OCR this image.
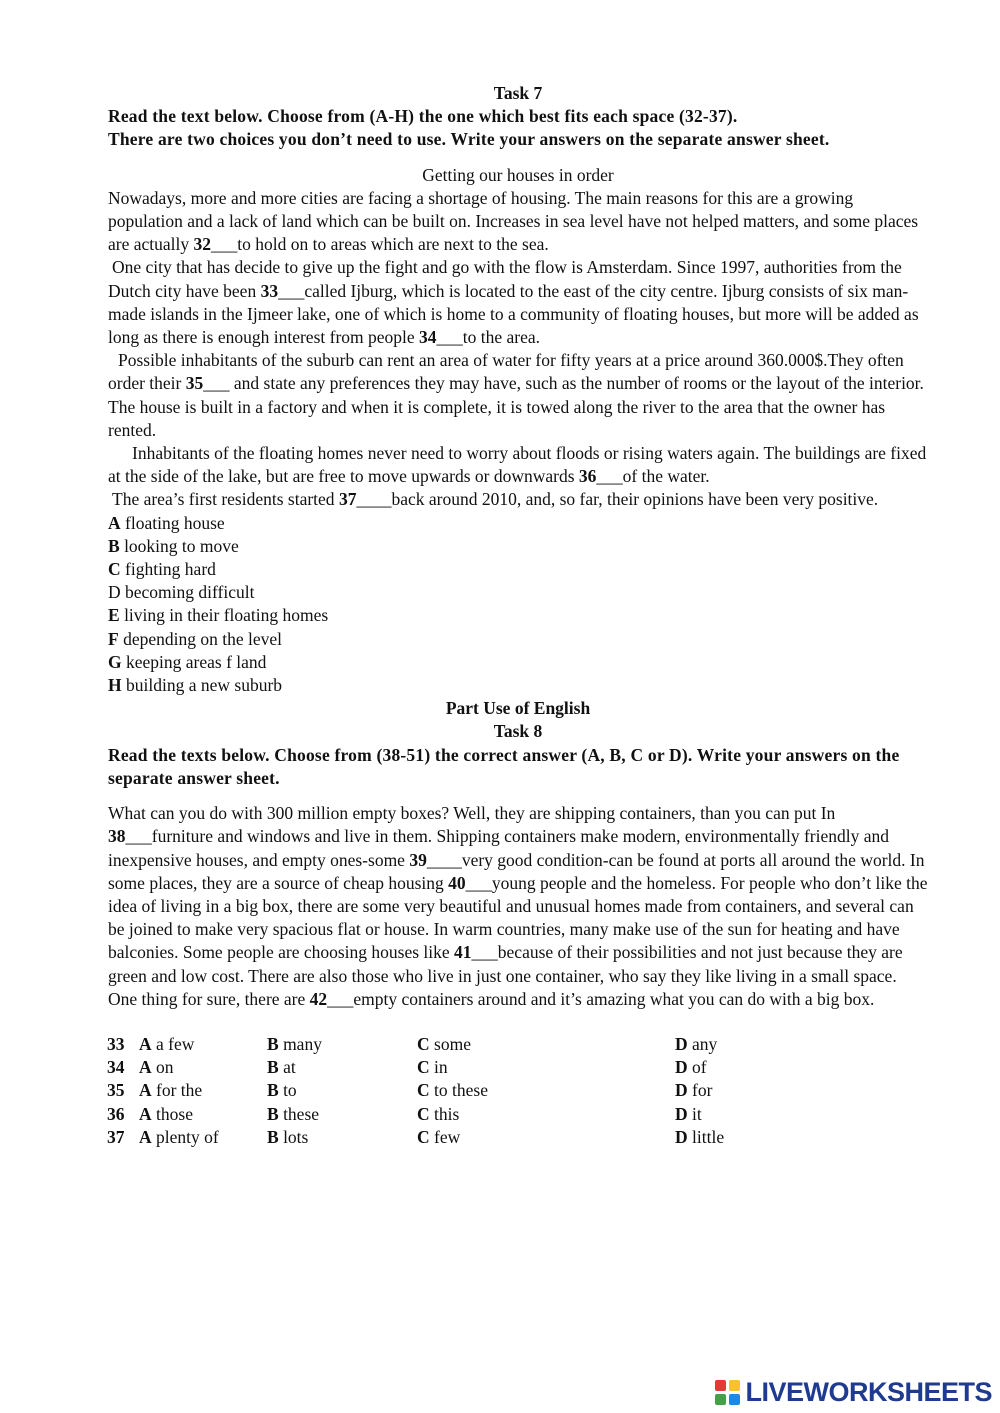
Task 7

Read the text below. Choose from (A-H) the one which best fits each space (32-37).

There are two choices you don’t need to use. Write your answers on the separate answer sheet.

Getting our houses in order

Nowadays, more and more cities are facing a shortage of housing. The main reasons for this are a growing population and a lack of land which can be built on. Increases in sea level have not helped matters, and some places are actually 32___to hold on to areas which are next to the sea.

One city that has decide to give up the fight and go with the flow is Amsterdam. Since 1997, authorities from the Dutch city have been 33___called Ijburg, which is located to the east of the city centre. Ijburg consists of six man-made islands in the Ijmeer lake, one of which is home to a community of floating houses, but more will be added as long as there is enough interest from people 34___to the area.

Possible inhabitants of the suburb can rent an area of water for fifty years at a price around 360.000$.They often order their 35___ and state any preferences they may have, such as the number of rooms or the layout of the interior. The house is built in a factory and when it is complete, it is towed along the river to the area that the owner has rented.

Inhabitants of the floating homes never need to worry about floods or rising waters again. The buildings are fixed at the side of the lake, but are free to move upwards or downwards 36___of the water.

The area’s first residents started 37____back around 2010, and, so far, their opinions have been very positive.

A floating house
B looking to move
C fighting hard
D becoming difficult
E living in their floating homes
F depending on the level
G keeping areas f land
H building a new suburb

Part Use of English

Task 8

Read the texts below. Choose from (38-51) the correct answer (A, B, C or D). Write your answers on the separate answer sheet.

What can you do with 300 million empty boxes? Well, they are shipping containers, than you can put In 38___furniture and windows and live in them. Shipping containers make modern, environmentally friendly and inexpensive houses, and empty ones-some 39____very good condition-can be found at ports all around the world. In some places, they are a source of cheap housing 40___young people and the homeless. For people who don’t like the idea of living in a big box, there are some very beautiful and unusual homes made from containers, and several can be joined to make very spacious flat or house. In warm countries, many make use of the sun for heating and have balconies. Some people are choosing houses like 41___because of their possibilities and not just because they are green and low cost. There are also those who live in just one container, who say they like living in a small space. One thing for sure, there are 42___empty containers around and it’s amazing what you can do with a big box.

33	A a few	B many	C some	D any
34	A on	B at	C in	D of
35	A for the	B to	C to these	D for
36	A those	B these	C this	D it
37	A plenty of	B lots	C few	D little
LIVEWORKSHEETS
